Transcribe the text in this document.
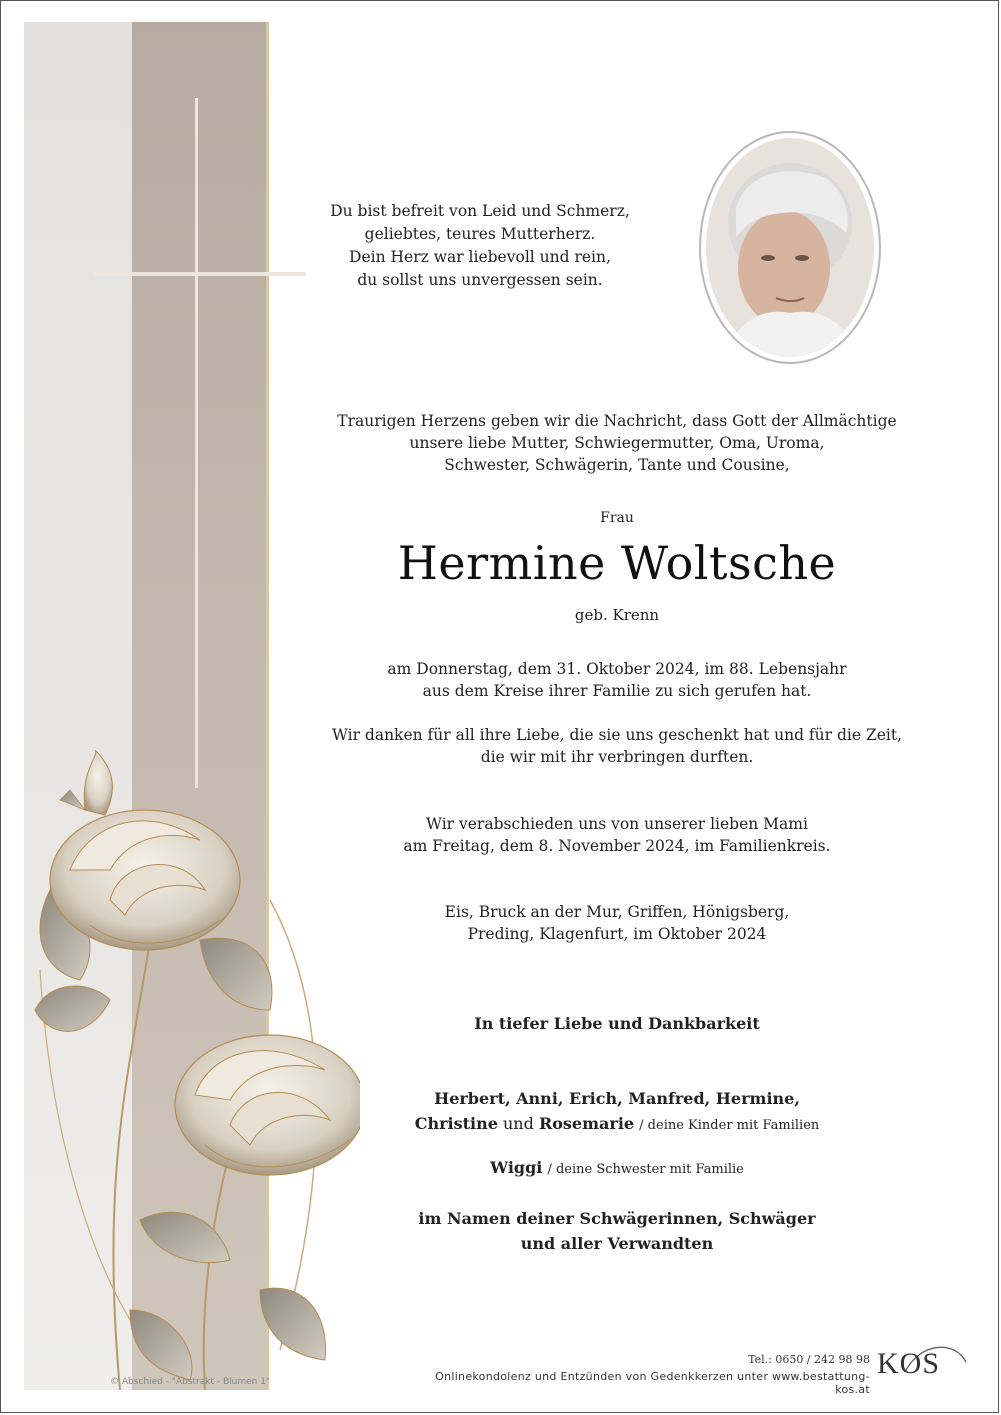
Du bist befreit von Leid und Schmerz,
geliebtes, teures Mutterherz.
Dein Herz war liebevoll und rein,
du sollst uns unvergessen sein.
Traurigen Herzens geben wir die Nachricht, dass Gott der Allmächtige
unsere liebe Mutter, Schwiegermutter, Oma, Uroma,
Schwester, Schwägerin, Tante und Cousine,
Frau
Hermine Woltsche
geb. Krenn
am Donnerstag, dem 31. Oktober 2024, im 88. Lebensjahr
aus dem Kreise ihrer Familie zu sich gerufen hat.
Wir danken für all ihre Liebe, die sie uns geschenkt hat und für die Zeit,
die wir mit ihr verbringen durften.
Wir verabschieden uns von unserer lieben Mami
am Freitag, dem 8. November 2024, im Familienkreis.
Eis, Bruck an der Mur, Griffen, Hönigsberg,
Preding, Klagenfurt, im Oktober 2024
In tiefer Liebe und Dankbarkeit
Herbert, Anni, Erich, Manfred, Hermine,
Christine und Rosemarie / deine Kinder mit Familien
Wiggi / deine Schwester mit Familie
im Namen deiner Schwägerinnen, Schwäger
und aller Verwandten
© Abschied - "Abstrakt - Blumen 1"
Tel.: 0650 / 242 98 98
Onlinekondolenz und Entzünden von Gedenkkerzen unter www.bestattung-kos.at
KOS
